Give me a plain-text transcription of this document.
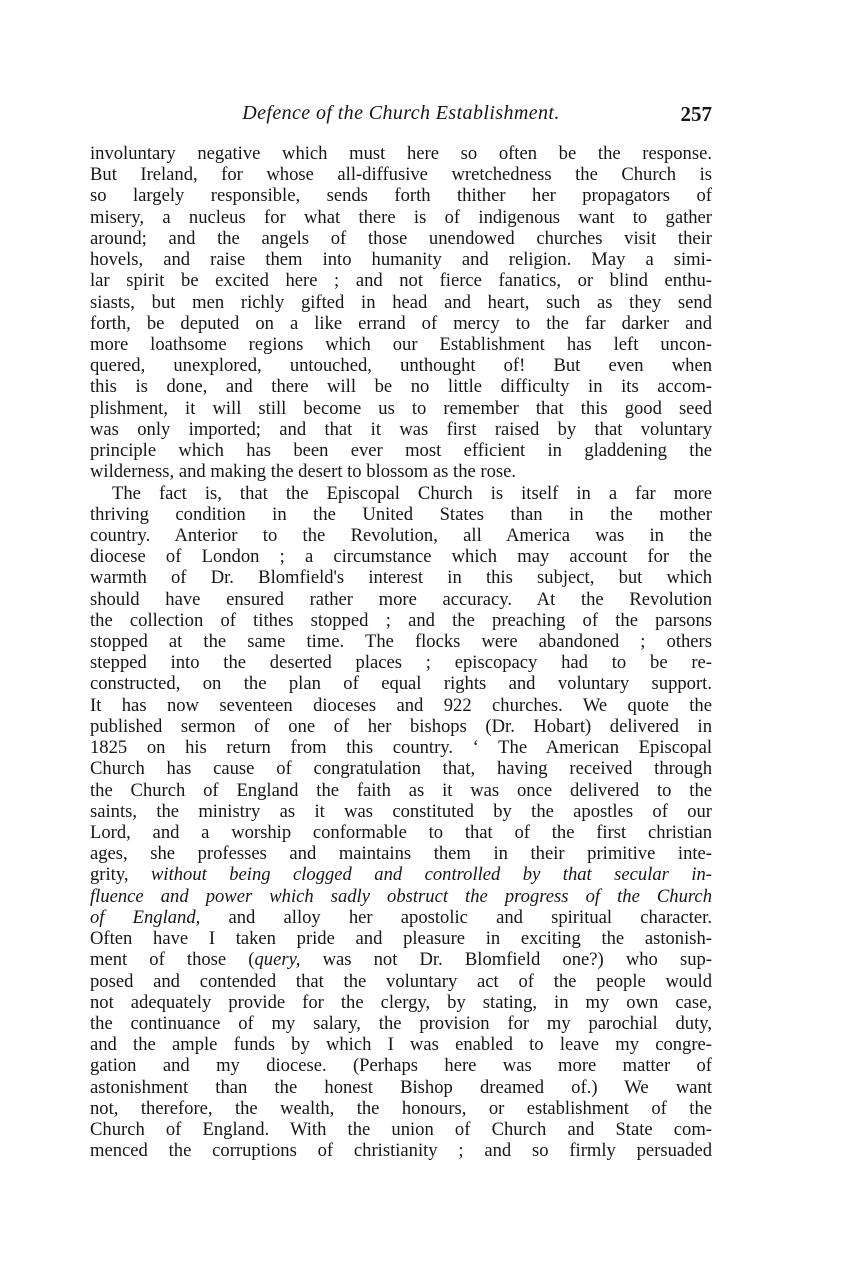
Defence of the Church Establishment.	257
involuntary negative which must here so often be the response.
But Ireland, for whose all-diffusive wretchedness the Church is
so largely responsible, sends forth thither her propagators of
misery, a nucleus for what there is of indigenous want to gather
around; and the angels of those unendowed churches visit their
hovels, and raise them into humanity and religion. May a simi-
lar spirit be excited here ; and not fierce fanatics, or blind enthu-
siasts, but men richly gifted in head and heart, such as they send
forth, be deputed on a like errand of mercy to the far darker and
more loathsome regions which our Establishment has left uncon-
quered, unexplored, untouched, unthought of! But even when
this is done, and there will be no little difficulty in its accom-
plishment, it will still become us to remember that this good seed
was only imported; and that it was first raised by that voluntary
principle which has been ever most efficient in gladdening the
wilderness, and making the desert to blossom as the rose.
The fact is, that the Episcopal Church is itself in a far more
thriving condition in the United States than in the mother
country. Anterior to the Revolution, all America was in the
diocese of London ; a circumstance which may account for the
warmth of Dr. Blomfield's interest in this subject, but which
should have ensured rather more accuracy. At the Revolution
the collection of tithes stopped ; and the preaching of the parsons
stopped at the same time. The flocks were abandoned ; others
stepped into the deserted places ; episcopacy had to be re-
constructed, on the plan of equal rights and voluntary support.
It has now seventeen dioceses and 922 churches. We quote the
published sermon of one of her bishops (Dr. Hobart) delivered in
1825 on his return from this country. ‘ The American Episcopal
Church has cause of congratulation that, having received through
the Church of England the faith as it was once delivered to the
saints, the ministry as it was constituted by the apostles of our
Lord, and a worship conformable to that of the first christian
ages, she professes and maintains them in their primitive inte-
grity, without being clogged and controlled by that secular in-
fluence and power which sadly obstruct the progress of the Church
of England, and alloy her apostolic and spiritual character.
Often have I taken pride and pleasure in exciting the astonish-
ment of those (query, was not Dr. Blomfield one?) who sup-
posed and contended that the voluntary act of the people would
not adequately provide for the clergy, by stating, in my own case,
the continuance of my salary, the provision for my parochial duty,
and the ample funds by which I was enabled to leave my congre-
gation and my diocese. (Perhaps here was more matter of
astonishment than the honest Bishop dreamed of.) We want
not, therefore, the wealth, the honours, or establishment of the
Church of England. With the union of Church and State com-
menced the corruptions of christianity ; and so firmly persuaded
